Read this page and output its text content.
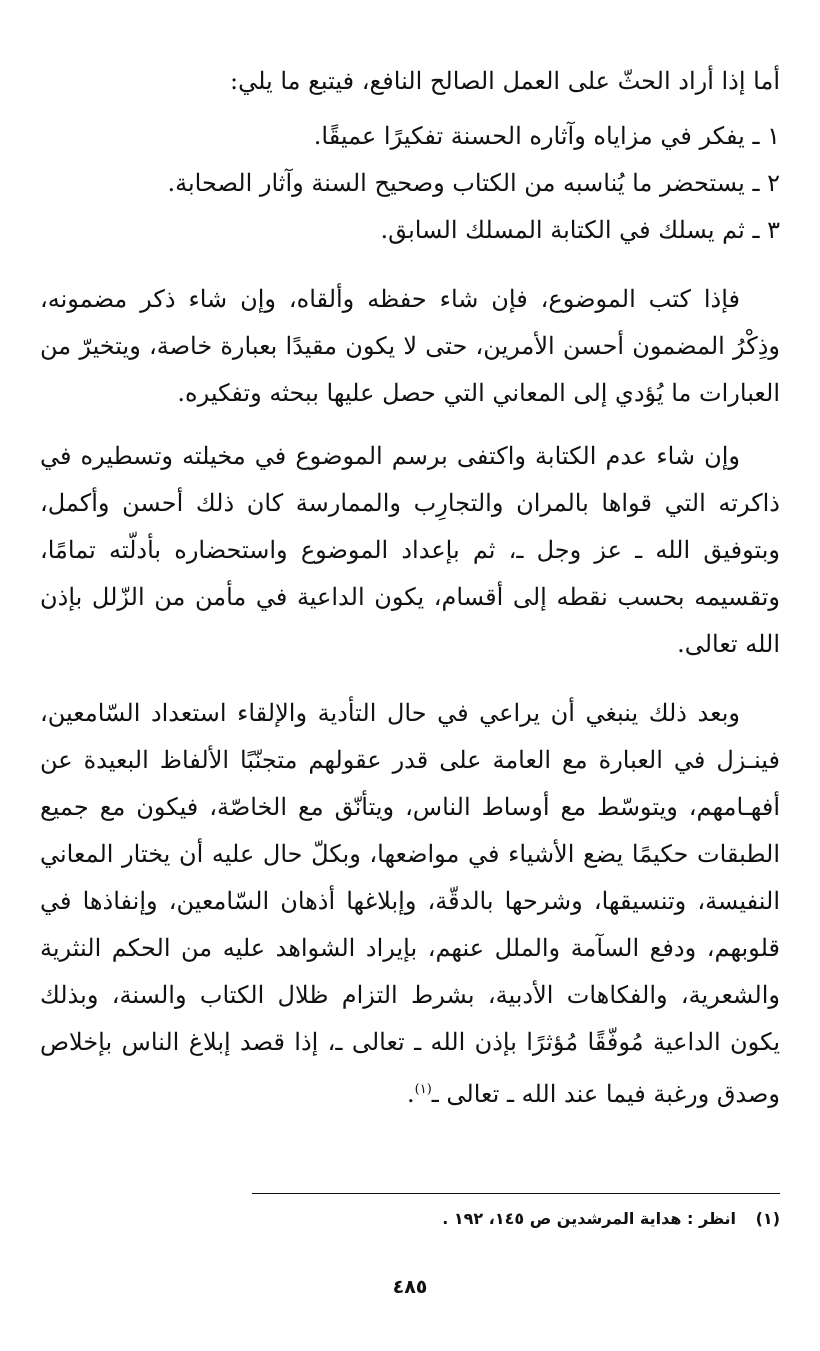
أما إذا أراد الحثّ على العمل الصالح النافع، فيتبع ما يلي:

١ ـ يفكر في مزاياه وآثاره الحسنة تفكيرًا عميقًا.
٢ ـ يستحضر ما يُناسبه من الكتاب وصحيح السنة وآثار الصحابة.
٣ ـ ثم يسلك في الكتابة المسلك السابق.

فإذا كتب الموضوع، فإن شاء حفظه وألقاه، وإن شاء ذكر مضمونه، وذِكْرُ المضمون أحسن الأمرين، حتى لا يكون مقيدًا بعبارة خاصة، ويتخيرّ من العبارات ما يُؤدي إلى المعاني التي حصل عليها ببحثه وتفكيره.

وإن شاء عدم الكتابة واكتفى برسم الموضوع في مخيلته وتسطيره في ذاكرته التي قواها بالمران والتجارِب والممارسة كان ذلك أحسن وأكمل، وبتوفيق الله ـ عز وجل ـ، ثم بإعداد الموضوع واستحضاره بأدلّته تمامًا، وتقسيمه بحسب نقطه إلى أقسام، يكون الداعية في مأمن من الزّلل بإذن الله تعالى.

وبعد ذلك ينبغي أن يراعي في حال التأدية والإلقاء استعداد السّامعين، فينـزل في العبارة مع العامة على قدر عقولهم متجنّبًا الألفاظ البعيدة عن أفهـامهم، ويتوسّط مع أوساط الناس، ويتأنّق مع الخاصّة، فيكون مع جميع الطبقات حكيمًا يضع الأشياء في مواضعها، وبكلّ حال عليه أن يختار المعاني النفيسة، وتنسيقها، وشرحها بالدقّة، وإبلاغها أذهان السّامعين، وإنفاذها في قلوبهم، ودفع السآمة والملل عنهم، بإيراد الشواهد عليه من الحكم النثرية والشعرية، والفكاهات الأدبية، بشرط التزام ظلال الكتاب والسنة، وبذلك يكون الداعية مُوفّقًا مُؤثرًا بإذن الله ـ تعالى ـ، إذا قصد إبلاغ الناس بإخلاص وصدق ورغبة فيما عند الله ـ تعالى ـ$^{(١)}$.

(١) انظر : هداية المرشدين ص ١٤٥، ١٩٢ .
٤٨٥
